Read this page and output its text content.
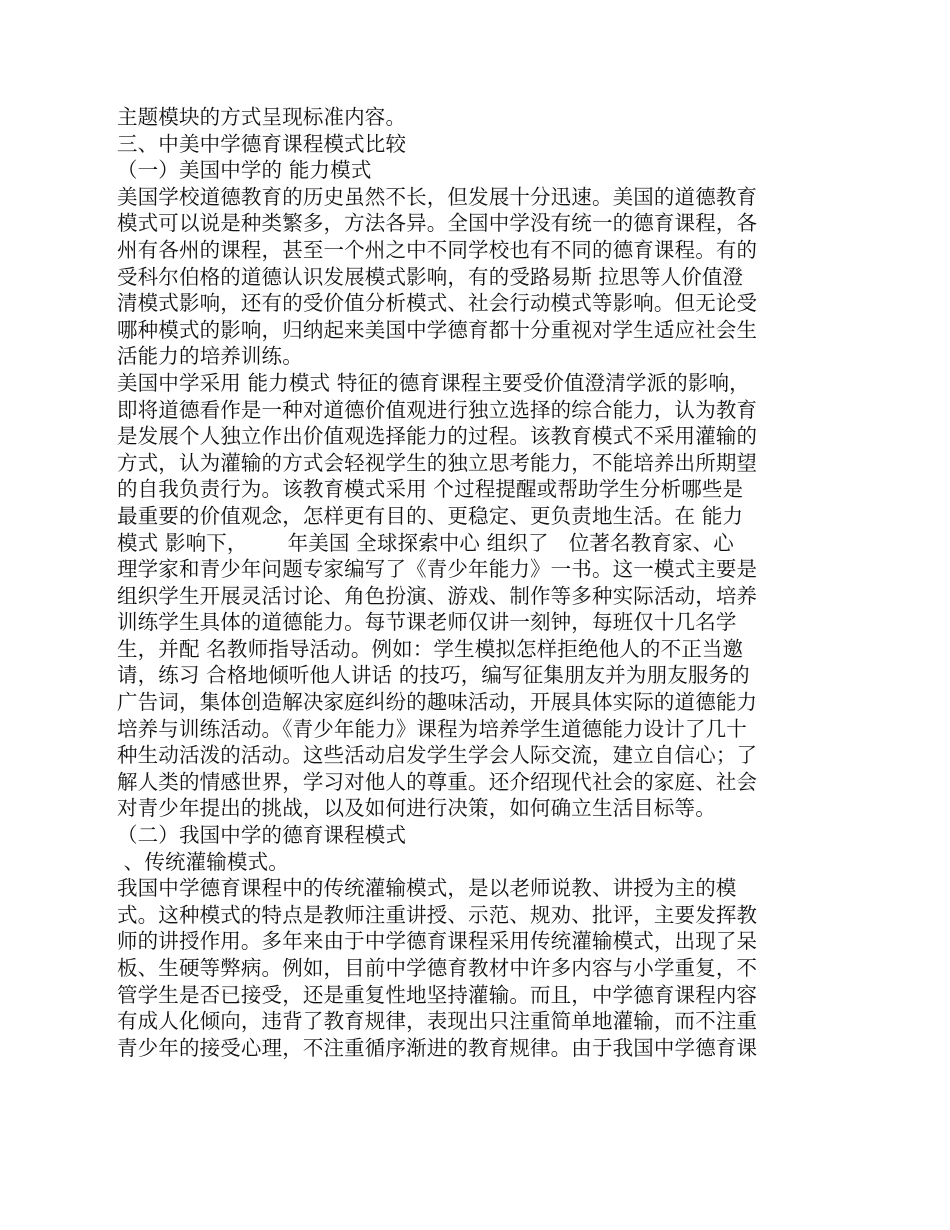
主题模块的方式呈现标准内容。
三、中美中学德育课程模式比较
（一）美国中学的 能力模式
美国学校道德教育的历史虽然不长，但发展十分迅速。美国的道德教育
模式可以说是种类繁多，方法各异。全国中学没有统一的德育课程，各
州有各州的课程，甚至一个州之中不同学校也有不同的德育课程。有的
受科尔伯格的道德认识发展模式影响，有的受路易斯 拉思等人价值澄
清模式影响，还有的受价值分析模式、社会行动模式等影响。但无论受
哪种模式的影响，归纳起来美国中学德育都十分重视对学生适应社会生
活能力的培养训练。
美国中学采用 能力模式 特征的德育课程主要受价值澄清学派的影响，
即将道德看作是一种对道德价值观进行独立选择的综合能力，认为教育
是发展个人独立作出价值观选择能力的过程。该教育模式不采用灌输的
方式，认为灌输的方式会轻视学生的独立思考能力，不能培养出所期望
的自我负责行为。该教育模式采用 个过程提醒或帮助学生分析哪些是
最重要的价值观念，怎样更有目的、更稳定、更负责地生活。在 能力
模式 影响下，      年美国 全球探索中心 组织了   位著名教育家、心
理学家和青少年问题专家编写了《青少年能力》一书。这一模式主要是
组织学生开展灵活讨论、角色扮演、游戏、制作等多种实际活动，培养
训练学生具体的道德能力。每节课老师仅讲一刻钟，每班仅十几名学
生，并配 名教师指导活动。例如：学生模拟怎样拒绝他人的不正当邀
请，练习 合格地倾听他人讲话 的技巧，编写征集朋友并为朋友服务的
广告词，集体创造解决家庭纠纷的趣味活动，开展具体实际的道德能力
培养与训练活动。《青少年能力》课程为培养学生道德能力设计了几十
种生动活泼的活动。这些活动启发学生学会人际交流，建立自信心；了
解人类的情感世界，学习对他人的尊重。还介绍现代社会的家庭、社会
对青少年提出的挑战，以及如何进行决策，如何确立生活目标等。
（二）我国中学的德育课程模式
、传统灌输模式。
我国中学德育课程中的传统灌输模式，是以老师说教、讲授为主的模
式。这种模式的特点是教师注重讲授、示范、规劝、批评，主要发挥教
师的讲授作用。多年来由于中学德育课程采用传统灌输模式，出现了呆
板、生硬等弊病。例如，目前中学德育教材中许多内容与小学重复，不
管学生是否已接受，还是重复性地坚持灌输。而且，中学德育课程内容
有成人化倾向，违背了教育规律，表现出只注重简单地灌输，而不注重
青少年的接受心理，不注重循序渐进的教育规律。由于我国中学德育课
